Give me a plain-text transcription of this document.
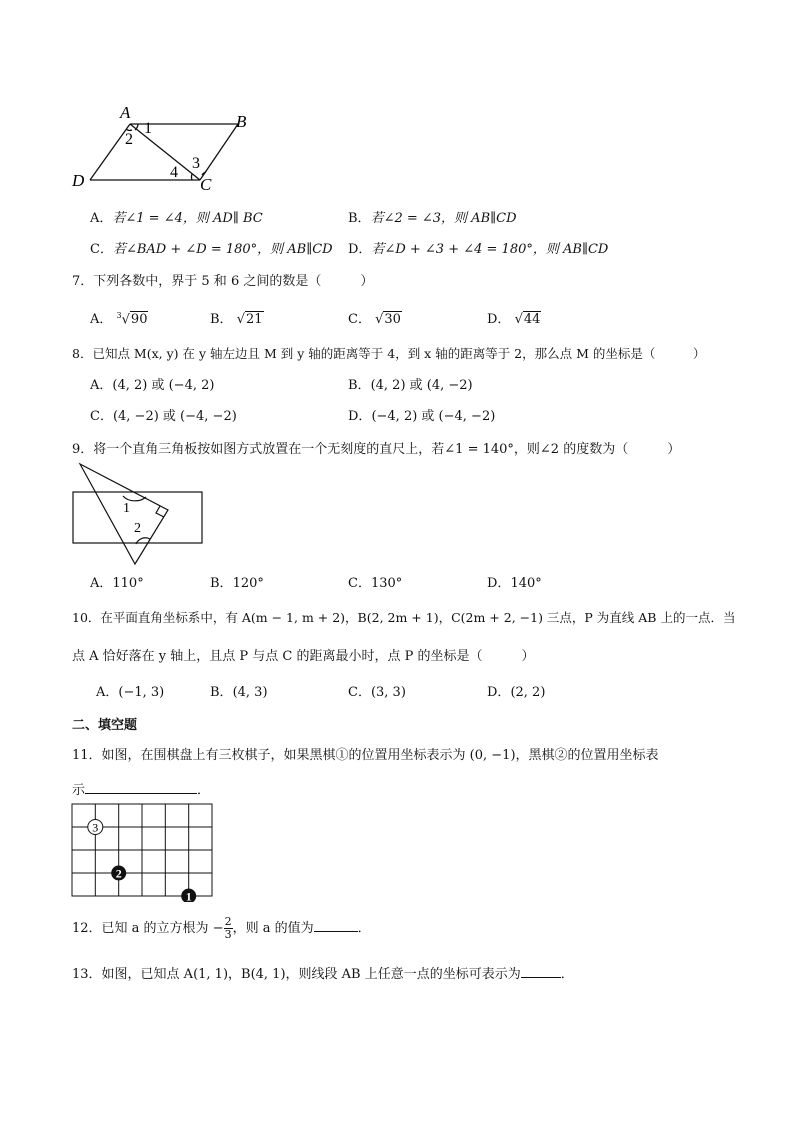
A	B
C
D
1
2
3
4
A．若∠1 = ∠4，则 AD∥ BC	B．若∠2 = ∠3，则 AB∥CD
C．若∠BAD + ∠D = 180°，则 AB∥CD D．若∠D + ∠3 + ∠4 = 180°，则 AB∥CD
7．下列各数中，界于 5 和 6 之间的数是（　　　）
A． $^3$√90	B． √21	C． √30	D． √44
8．已知点 M(x, y) 在 y 轴左边且 M 到 y 轴的距离等于 4，到 x 轴的距离等于 2，那么点 M 的坐标是（　　　）
A．(4, 2) 或 (−4, 2)	B．(4, 2) 或 (4, −2)
C．(4, −2) 或 (−4, −2)	D．(−4, 2) 或 (−4, −2)
9．将一个直角三角板按如图方式放置在一个无刻度的直尺上，若∠1 = 140°，则∠2 的度数为（　　　）
1
2
A．110°	B．120°	C．130°	D．140°
10．在平面直角坐标系中，有 A(m − 1, m + 2)，B(2, 2m + 1)，C(2m + 2, −1) 三点，P 为直线 AB 上的一点．当
点 A 恰好落在 y 轴上，且点 P 与点 C 的距离最小时，点 P 的坐标是（　　　）
A．(−1, 3)	B．(4, 3)	C．(3, 3)	D．(2, 2)
二、填空题
11．如图，在围棋盘上有三枚棋子，如果黑棋①的位置用坐标表示为 (0, −1)，黑棋②的位置用坐标表
示	．
3
2
1
12．已知 a 的立方根为 − $\frac{2}{3}$ ，则 a 的值为	．
13．如图，已知点 A(1, 1)，B(4, 1)，则线段 AB 上任意一点的坐标可表示为	．
